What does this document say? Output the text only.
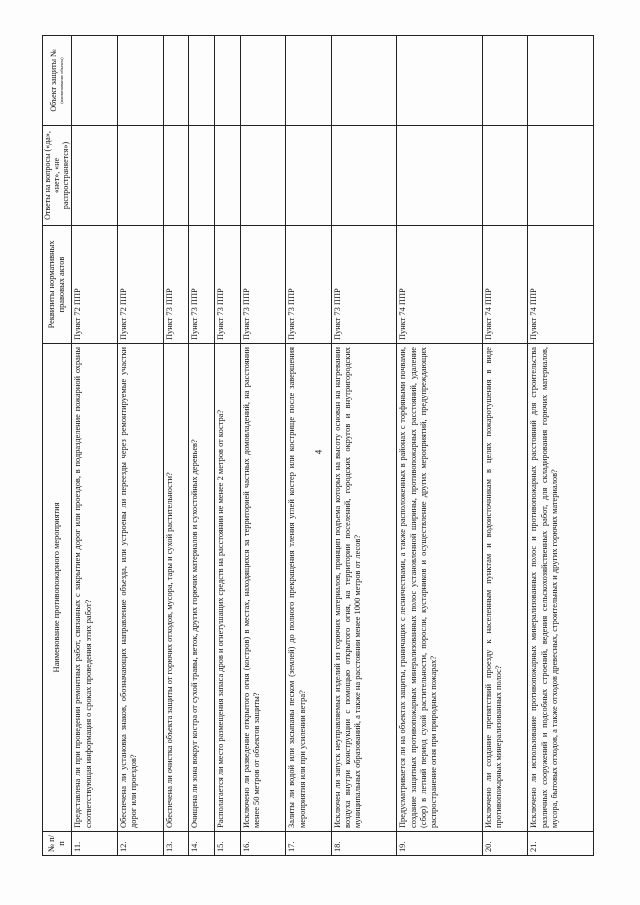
4
№ п/п	Наименование противопожарного мероприятия	Реквизиты нормативных правовых актов	Ответы на вопросы («да», «нет», «не распространяется»)	Объект защиты № (наименование объекта)

11.	Представлена ли при проведении ремонтных работ, связанных с закрытием дорог или проездов, в подразделение пожарной охраны соответствующая информация о сроках проведения этих работ?	Пункт 72 ППР		
12.	Обеспечена ли установка знаков, обозначающих направление объезда, или устроены ли переезды через ремонтируемые участки дорог или проездов?	Пункт 72 ППР		
13.	Обеспечена ли очистка объекта защиты от горючих отходов, мусора, тары и сухой растительности?	Пункт 73 ППР		
14.	Очищена ли зона вокруг костра от сухой травы, веток, других горючих материалов и сухостойных деревьев?	Пункт 73 ППР		
15.	Располагается ли место размещения запаса дров и огнетушащих средств на расстоянии не менее 2 метров от костра?	Пункт 73 ППР		
16.	Исключено ли разведение открытого огня (костров) в местах, находящихся за территорией частных домовладений, на расстоянии менее 50 метров от объектов защиты?	Пункт 73 ППР		
17.	Залиты ли водой или засыпаны песком (землей) до полного прекращения тления углей костер или кострище после завершения мероприятия или при усилении ветра?	Пункт 73 ППР		
18.	Исключен ли запуск неуправляемых изделий из горючих материалов, принцип подъема которых на высоту основан на нагревании воздуха внутри конструкции с помощью открытого огня, на территории поселений, городских округов и внутригородских муниципальных образований, а также на расстоянии менее 1000 метров от лесов?	Пункт 73 ППР		
19.	Предусматривается ли на объектах защиты, граничащих с лесничествами, а также расположенных в районах с торфяными почвами, создание защитных противопожарных минерализованных полос установленной ширины, противопожарных расстояний, удаление (сбор) в летний период сухой растительности, поросли, кустарников и осуществление других мероприятий, предупреждающих распространение огня при природных пожарах?	Пункт 74 ППР		
20.	Исключено ли создание препятствий проезду к населенным пунктам и водоисточникам в целях пожаротушения в виде противопожарных минерализованных полос?	Пункт 74 ППР		
21.	Исключено ли использование противопожарных минерализованных полос и противопожарных расстояний для строительства различных сооружений и подсобных строений, ведения сельскохозяйственных работ, для складирования горючих материалов, мусора, бытовых отходов, а также отходов древесных, строительных и других горючих материалов?	Пункт 74 ППР		
